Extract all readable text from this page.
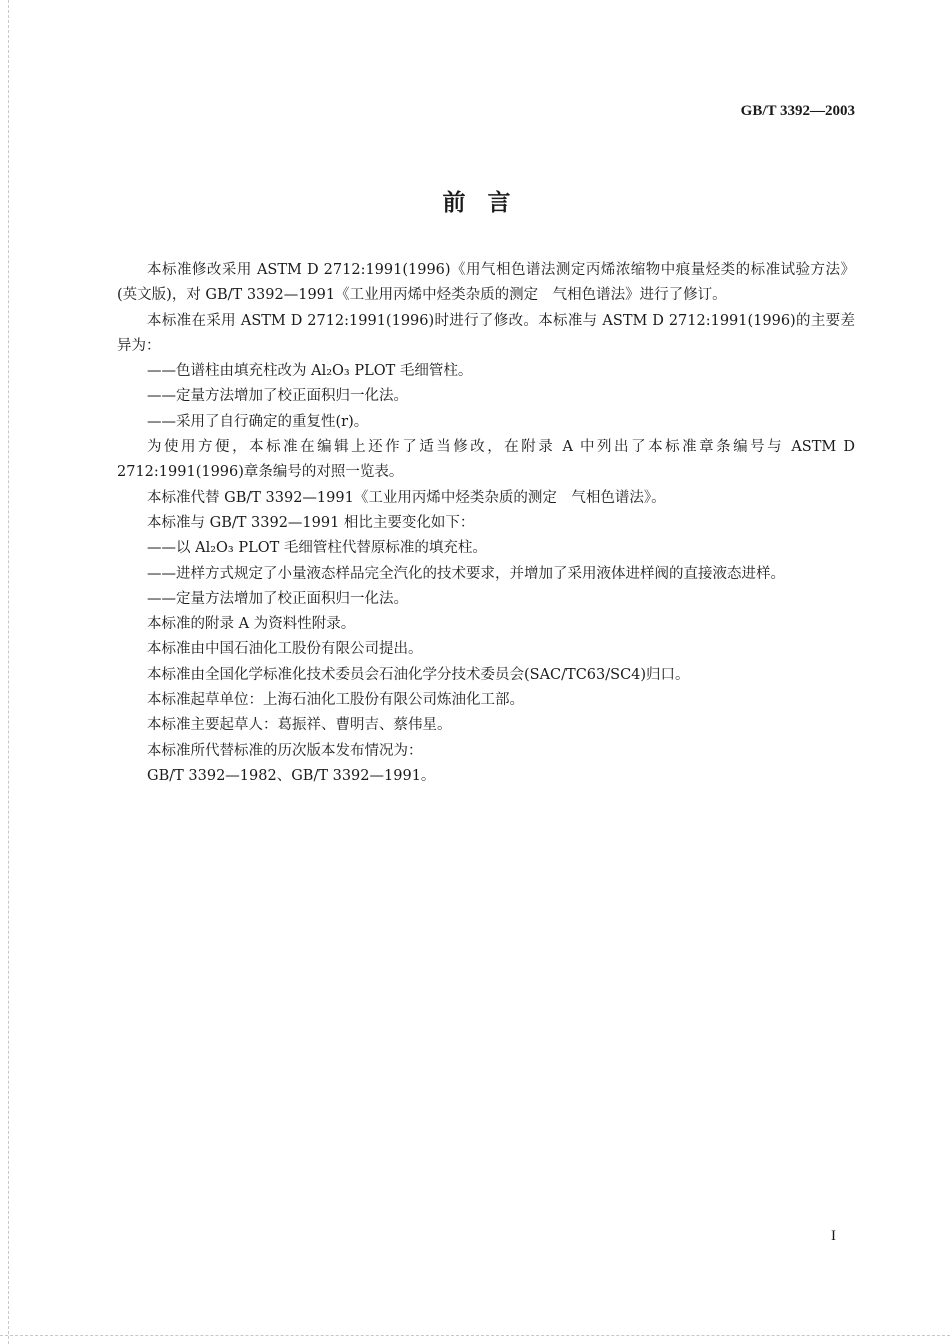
GB/T 3392—2003
前言

本标准修改采用 ASTM D 2712:1991(1996)《用气相色谱法测定丙烯浓缩物中痕量烃类的标准试验方法》(英文版)，对 GB/T 3392—1991《工业用丙烯中烃类杂质的测定　气相色谱法》进行了修订。

本标准在采用 ASTM D 2712:1991(1996)时进行了修改。本标准与 ASTM D 2712:1991(1996)的主要差异为：

——色谱柱由填充柱改为 Al₂O₃ PLOT 毛细管柱。

——定量方法增加了校正面积归一化法。

——采用了自行确定的重复性(r)。

为使用方便，本标准在编辑上还作了适当修改，在附录 A 中列出了本标准章条编号与 ASTM D 2712:1991(1996)章条编号的对照一览表。

本标准代替 GB/T 3392—1991《工业用丙烯中烃类杂质的测定　气相色谱法》。

本标准与 GB/T 3392—1991 相比主要变化如下：

——以 Al₂O₃ PLOT 毛细管柱代替原标准的填充柱。

——进样方式规定了小量液态样品完全汽化的技术要求，并增加了采用液体进样阀的直接液态进样。

——定量方法增加了校正面积归一化法。

本标准的附录 A 为资料性附录。

本标准由中国石油化工股份有限公司提出。

本标准由全国化学标准化技术委员会石油化学分技术委员会(SAC/TC63/SC4)归口。

本标准起草单位：上海石油化工股份有限公司炼油化工部。

本标准主要起草人：葛振祥、曹明吉、蔡伟星。

本标准所代替标准的历次版本发布情况为：

GB/T 3392—1982、GB/T 3392—1991。

I
